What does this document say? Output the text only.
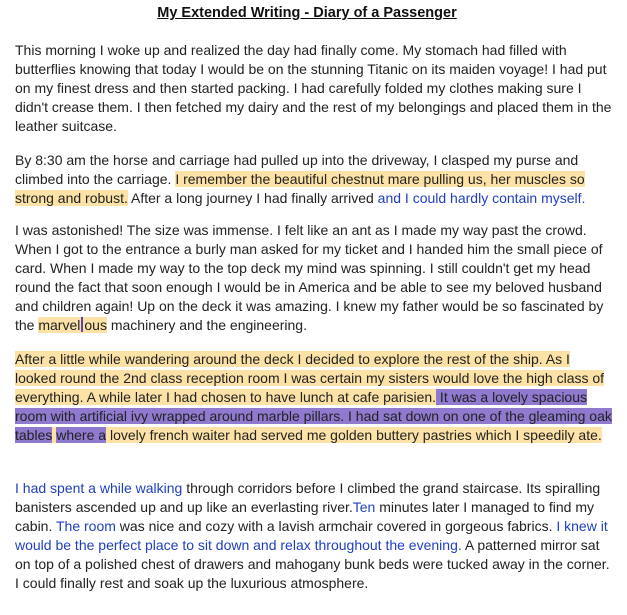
My Extended Writing - Diary of a Passenger

This morning I woke up and realized the day had finally come. My stomach had filled with butterflies knowing that today I would be on the stunning Titanic on its maiden voyage! I had put on my finest dress and then started packing. I had carefully folded my clothes making sure I didn't crease them. I then fetched my dairy and the rest of my belongings and placed them in the leather suitcase.

By 8:30 am the horse and carriage had pulled up into the driveway, I clasped my purse and climbed into the carriage. I remember the beautiful chestnut mare pulling us, her muscles so strong and robust. After a long journey I had finally arrived and I could hardly contain myself.

I was astonished! The size was immense. I felt like an ant as I made my way past the crowd. When I got to the entrance a burly man asked for my ticket and I handed him the small piece of card. When I made my way to the top deck my mind was spinning. I still couldn't get my head round the fact that soon enough I would be in America and be able to see my beloved husband and children again! Up on the deck it was amazing. I knew my father would be so fascinated by the marvel ous machinery and the engineering.

After a little while wandering around the deck I decided to explore the rest of the ship. As I looked round the 2nd class reception room I was certain my sisters would love the high class of everything. A while later I had chosen to have lunch at cafe parisien. It was a lovely spacious room with artificial ivy wrapped around marble pillars. I had sat down on one of the gleaming oak tables where a lovely french waiter had served me golden buttery pastries which I speedily ate.

I had spent a while walking through corridors before I climbed the grand staircase. Its spiralling banisters ascended up and up like an everlasting river.Ten minutes later I managed to find my cabin. The room was nice and cozy with a lavish armchair covered in gorgeous fabrics. I knew it would be the perfect place to sit down and relax throughout the evening. A patterned mirror sat on top of a polished chest of drawers and mahogany bunk beds were tucked away in the corner. I could finally rest and soak up the luxurious atmosphere.
